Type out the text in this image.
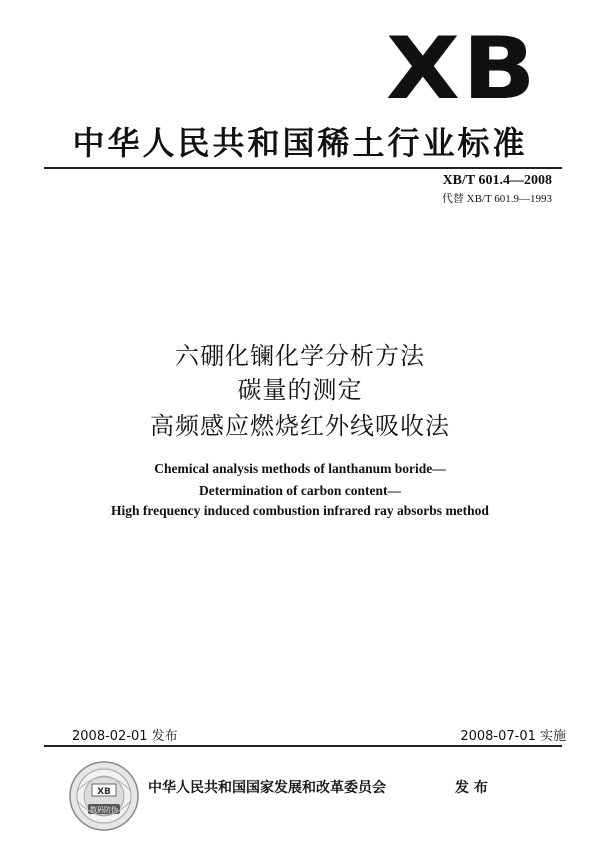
XB
中华人民共和国稀土行业标准
XB/T 601.4—2008
代替 XB/T 601.9—1993
六硼化镧化学分析方法
碳量的测定
高频感应燃烧红外线吸收法
Chemical analysis methods of lanthanum boride—
Determination of carbon content—
High frequency induced combustion infrared ray absorbs method
2008-02-01 发布	2008-07-01 实施
XB
数码防伪
中华人民共和国国家发展和改革委员会	发 布
